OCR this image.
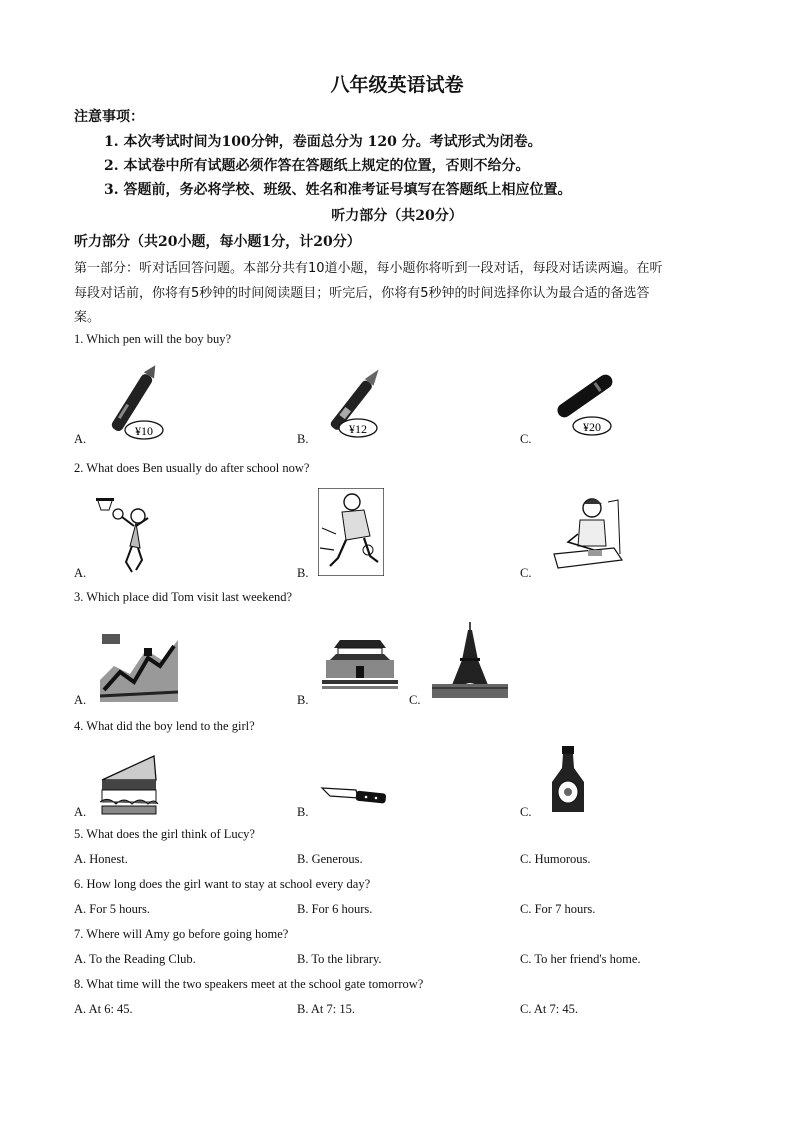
八年级英语试卷
注意事项：
1. 本次考试时间为100分钟，卷面总分为 120 分。考试形式为闭卷。
2. 本试卷中所有试题必须作答在答题纸上规定的位置，否则不给分。
3. 答题前，务必将学校、班级、姓名和准考证号填写在答题纸上相应位置。
听力部分（共20分）
听力部分（共20小题，每小题1分，计20分）
第一部分：听对话回答问题。本部分共有10道小题，每小题你将听到一段对话，每段对话读两遍。在听
每段对话前，你将有5秒钟的时间阅读题目；听完后，你将有5秒钟的时间选择你认为最合适的备选答
案。
1. Which pen will the boy buy?
A.	B.	C.
¥10	¥12	¥20
2. What does Ben usually do after school now?
A.	B.	C.
3. Which place did Tom visit last weekend?
A.	B.	C.
4. What did the boy lend to the girl?
A.	B.	C.
5. What does the girl think of Lucy?
A. Honest.	B. Generous.	C. Humorous.
6. How long does the girl want to stay at school every day?
A. For 5 hours.	B. For 6 hours.	C. For 7 hours.
7. Where will Amy go before going home?
A. To the Reading Club.	B. To the library.	C. To her friend's home.
8. What time will the two speakers meet at the school gate tomorrow?
A. At 6: 45.	B. At 7: 15.	C. At 7: 45.
